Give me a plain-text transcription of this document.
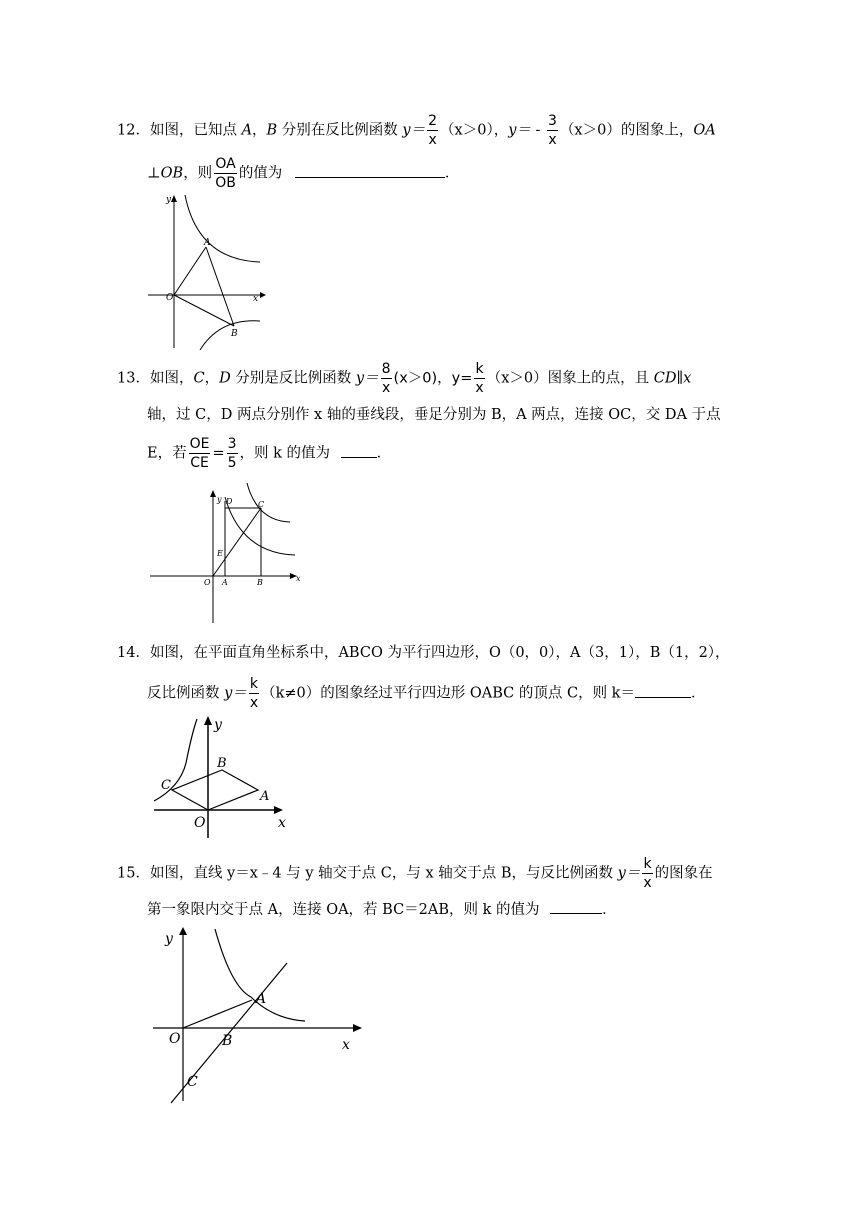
12．如图，已知点 A，B 分别在反比例函数 $y= \frac{2}{x} (x>0)$，$y= - \frac{3}{x} (x>0)$的图象上，OA
⊥OB，则 $\frac{OA}{OB}$ 的值为	．
y
x
O
A
B
13．如图，C，D 分别是反比例函数 $y= \frac{8}{x} (x>0)$，$y= \frac{k}{x} (x>0)$图象上的点，且 CD∥x
轴，过 C，D 两点分别作 x 轴的垂线段，垂足分别为 B，A 两点，连接 OC，交 DA 于点
E，若 $\frac{OE}{CE} = \frac{3}{5}$ ，则 k 的值为	．
y
x
O
D	C
E
A	B
14．如图，在平面直角坐标系中，ABCO 为平行四边形，O（0，0），A（3，1），B（1，2），
反比例函数 $y= \frac{k}{x} (k\ne 0)$的图象经过平行四边形 OABC 的顶点 C，则 k＝	．
y
x
O
A
B
C
15．如图，直线 y＝x﹣4 与 y 轴交于点 C，与 x 轴交于点 B，与反比例函数 $y= \frac{k}{x}$ 的图象在
第一象限内交于点 A，连接 OA，若 BC＝2AB，则 k 的值为	．
y
x
O
A
B
C
